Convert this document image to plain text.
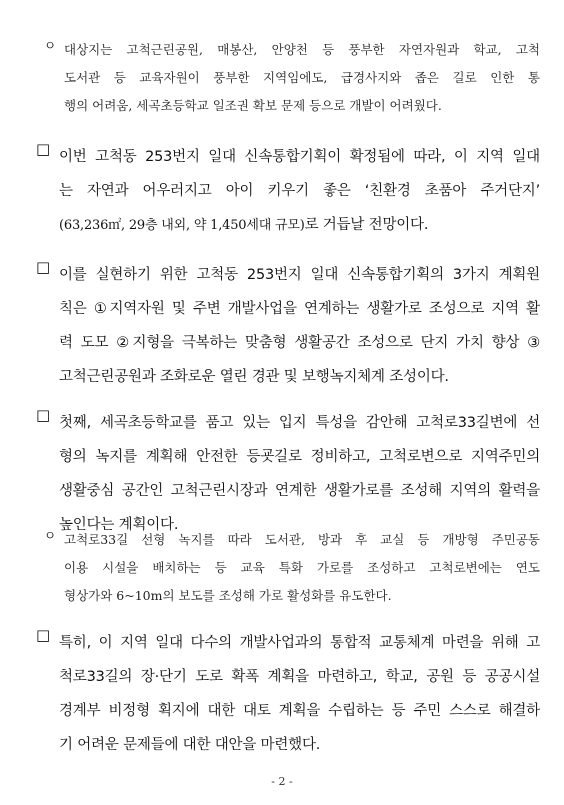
ㅇ 대상지는 고척근린공원, 매봉산, 안양천 등 풍부한 자연자원과 학교, 고척
도서관 등 교육자원이 풍부한 지역임에도, 급경사지와 좁은 길로 인한 통
행의 어려움, 세곡초등학교 일조권 확보 문제 등으로 개발이 어려웠다.
□ 이번 고척동 253번지 일대 신속통합기획이 확정됨에 따라, 이 지역 일대
는 자연과 어우러지고 아이 키우기 좋은 ‘친환경 초품아 주거단지’
(63,236㎡, 29층 내외, 약 1,450세대 규모)로 거듭날 전망이다.
□ 이를 실현하기 위한 고척동 253번지 일대 신속통합기획의 3가지 계획원
칙은 ①지역자원 및 주변 개발사업을 연계하는 생활가로 조성으로 지역 활
력 도모 ②지형을 극복하는 맞춤형 생활공간 조성으로 단지 가치 향상 ③
고척근린공원과 조화로운 열린 경관 및 보행녹지체계 조성이다.
□ 첫째, 세곡초등학교를 품고 있는 입지 특성을 감안해 고척로33길변에 선
형의 녹지를 계획해 안전한 등굣길로 정비하고, 고척로변으로 지역주민의
생활중심 공간인 고척근린시장과 연계한 생활가로를 조성해 지역의 활력을
높인다는 계획이다.
ㅇ 고척로33길 선형 녹지를 따라 도서관, 방과 후 교실 등 개방형 주민공동
이용 시설을 배치하는 등 교육 특화 가로를 조성하고 고척로변에는 연도
형상가와 6~10m의 보도를 조성해 가로 활성화를 유도한다.
□ 특히, 이 지역 일대 다수의 개발사업과의 통합적 교통체계 마련을 위해 고
척로33길의 장·단기 도로 확폭 계획을 마련하고, 학교, 공원 등 공공시설
경계부 비정형 획지에 대한 대토 계획을 수립하는 등 주민 스스로 해결하
기 어려운 문제들에 대한 대안을 마련했다.
- 2 -
